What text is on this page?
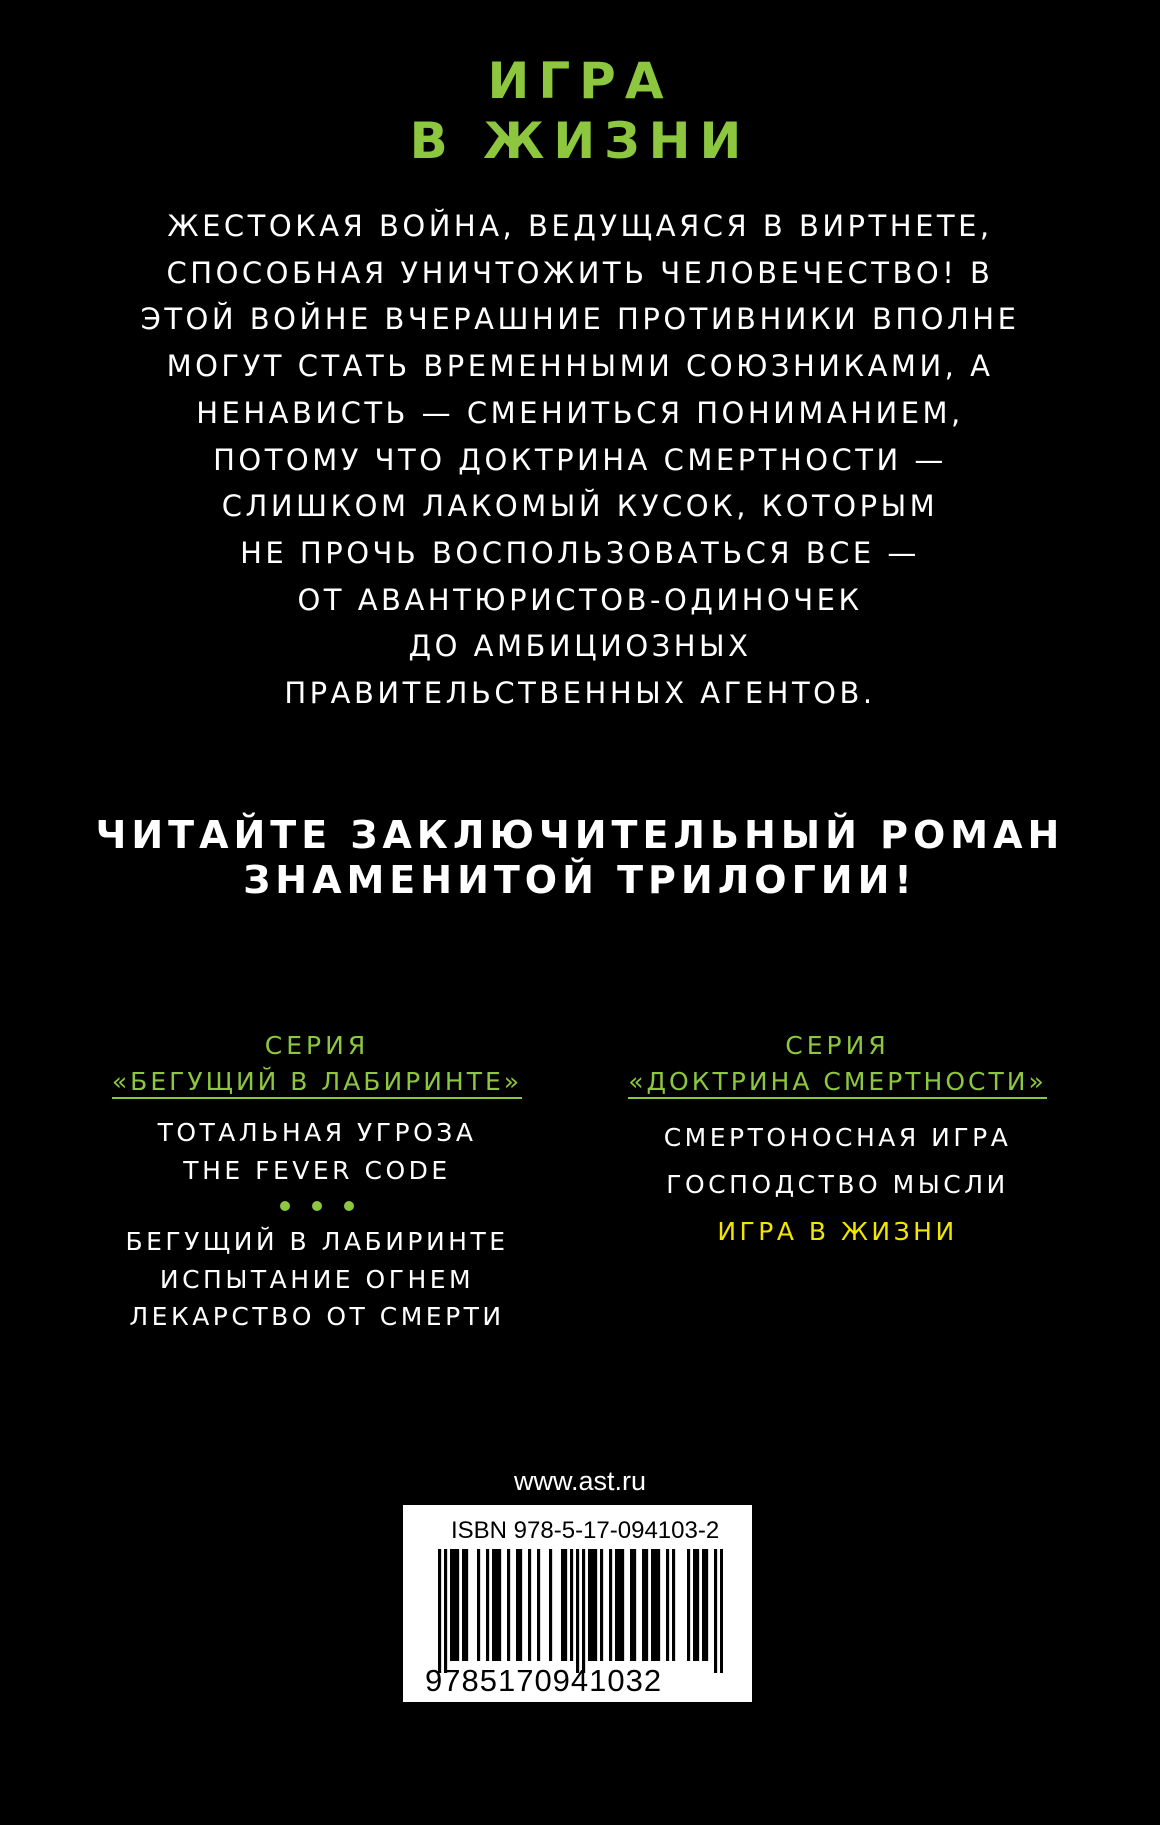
ИГРА
В ЖИЗНИ
ЖЕСТОКАЯ ВОЙНА, ВЕДУЩАЯСЯ В ВИРТНЕТЕ,
СПОСОБНАЯ УНИЧТОЖИТЬ ЧЕЛОВЕЧЕСТВО! В
ЭТОЙ ВОЙНЕ ВЧЕРАШНИЕ ПРОТИВНИКИ ВПОЛНЕ
МОГУТ СТАТЬ ВРЕМЕННЫМИ СОЮЗНИКАМИ, А
НЕНАВИСТЬ — СМЕНИТЬСЯ ПОНИМАНИЕМ,
ПОТОМУ ЧТО ДОКТРИНА СМЕРТНОСТИ —
СЛИШКОМ ЛАКОМЫЙ КУСОК, КОТОРЫМ
НЕ ПРОЧЬ ВОСПОЛЬЗОВАТЬСЯ ВСЕ —
ОТ АВАНТЮРИСТОВ-ОДИНОЧЕК
ДО АМБИЦИОЗНЫХ
ПРАВИТЕЛЬСТВЕННЫХ АГЕНТОВ.
ЧИТАЙТЕ ЗАКЛЮЧИТЕЛЬНЫЙ РОМАН
ЗНАМЕНИТОЙ ТРИЛОГИИ!
СЕРИЯ
«БЕГУЩИЙ В ЛАБИРИНТЕ»
ТОТАЛЬНАЯ УГРОЗА
THE FEVER CODE
БЕГУЩИЙ В ЛАБИРИНТЕ
ИСПЫТАНИЕ ОГНЕМ
ЛЕКАРСТВО ОТ СМЕРТИ
СЕРИЯ
«ДОКТРИНА СМЕРТНОСТИ»
СМЕРТОНОСНАЯ ИГРА
ГОСПОДСТВО МЫСЛИ
ИГРА В ЖИЗНИ
www.ast.ru
ISBN 978-5-17-094103-2
9785170941032
